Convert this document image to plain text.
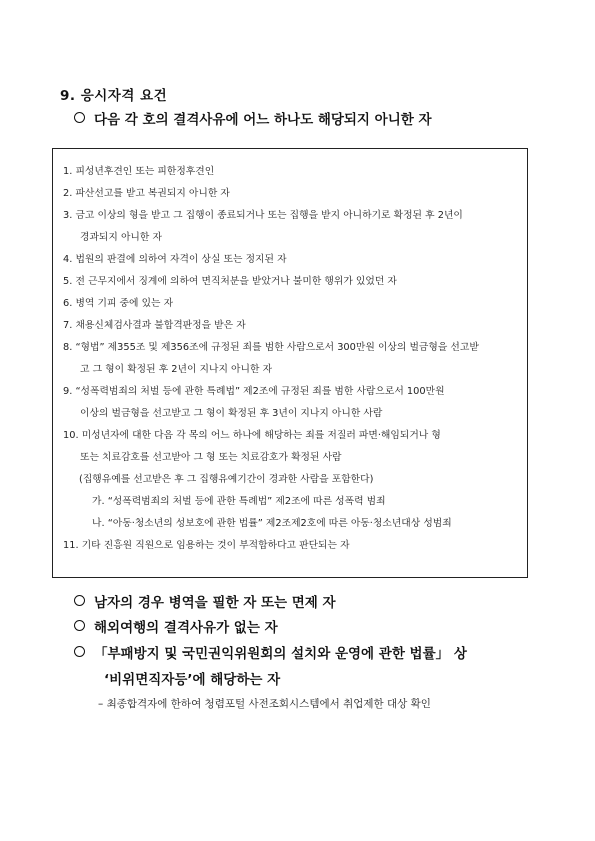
9. 응시자격 요건
다음 각 호의 결격사유에 어느 하나도 해당되지 아니한 자
1. 피성년후견인 또는 피한정후견인
2. 파산선고를 받고 복권되지 아니한 자
3. 금고 이상의 형을 받고 그 집행이 종료되거나 또는 집행을 받지 아니하기로 확정된 후 2년이
경과되지 아니한 자
4. 법원의 판결에 의하여 자격이 상실 또는 정지된 자
5. 전 근무지에서 징계에 의하여 면직처분을 받았거나 불미한 행위가 있었던 자
6. 병역 기피 중에 있는 자
7. 채용신체검사결과 불합격판정을 받은 자
8. “형법” 제355조 및 제356조에 규정된 죄를 범한 사람으로서 300만원 이상의 벌금형을 선고받
고 그 형이 확정된 후 2년이 지나지 아니한 자
9. “성폭력범죄의 처벌 등에 관한 특례법” 제2조에 규정된 죄를 범한 사람으로서 100만원
이상의 벌금형을 선고받고 그 형이 확정된 후 3년이 지나지 아니한 사람
10. 미성년자에 대한 다음 각 목의 어느 하나에 해당하는 죄를 저질러 파면·해임되거나 형
또는 치료감호를 선고받아 그 형 또는 치료감호가 확정된 사람
(집행유예를 선고받은 후 그 집행유예기간이 경과한 사람을 포함한다)
가. “성폭력범죄의 처벌 등에 관한 특례법” 제2조에 따른 성폭력 범죄
나. “아동·청소년의 성보호에 관한 법률” 제2조제2호에 따른 아동·청소년대상 성범죄
11. 기타 진흥원 직원으로 임용하는 것이 부적합하다고 판단되는 자
남자의 경우 병역을 필한 자 또는 면제 자
해외여행의 결격사유가 없는 자
「부패방지 및 국민권익위원회의 설치와 운영에 관한 법률」 상
‘비위면직자등’에 해당하는 자
– 최종합격자에 한하여 청렴포털 사전조회시스템에서 취업제한 대상 확인
